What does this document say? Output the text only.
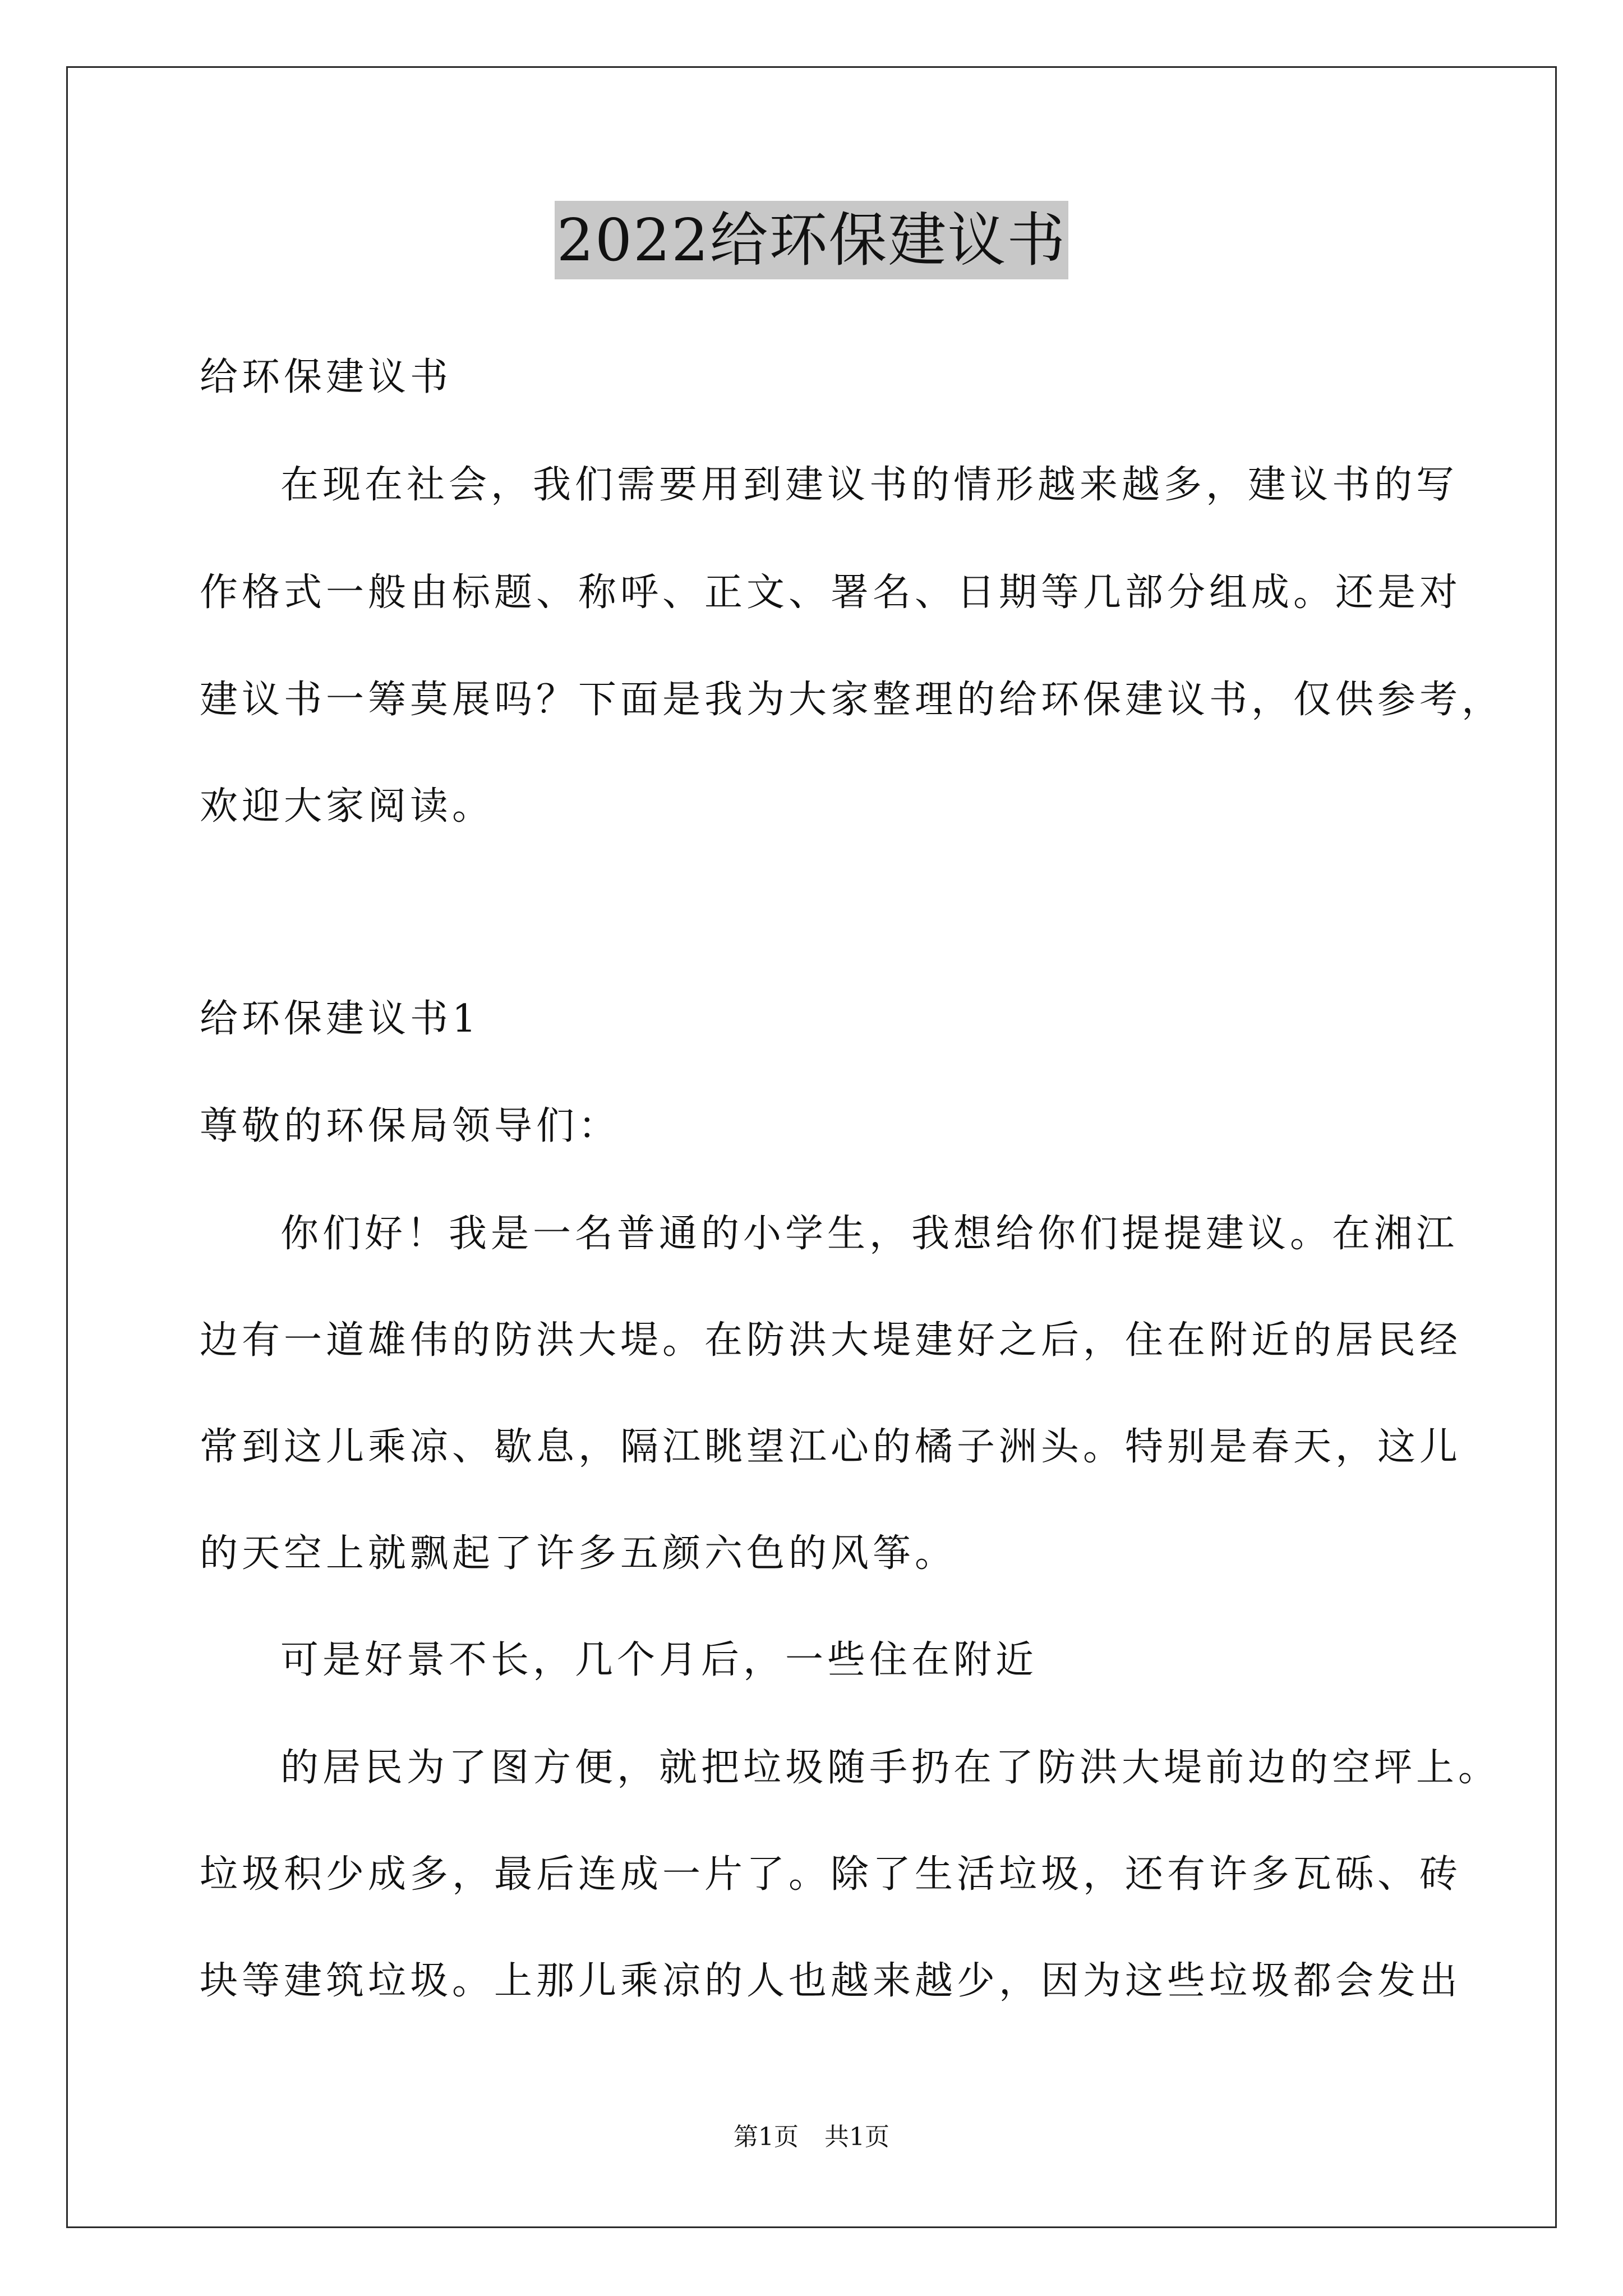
2022给环保建议书
给环保建议书
在现在社会，我们需要用到建议书的情形越来越多，建议书的写
作格式一般由标题、称呼、正文、署名、日期等几部分组成。还是对
建议书一筹莫展吗？下面是我为大家整理的给环保建议书，仅供参考，
欢迎大家阅读。
给环保建议书1
尊敬的环保局领导们：
你们好！我是一名普通的小学生，我想给你们提提建议。在湘江
边有一道雄伟的防洪大堤。在防洪大堤建好之后，住在附近的居民经
常到这儿乘凉、歇息，隔江眺望江心的橘子洲头。特别是春天，这儿
的天空上就飘起了许多五颜六色的风筝。
可是好景不长，几个月后，一些住在附近
的居民为了图方便，就把垃圾随手扔在了防洪大堤前边的空坪上。
垃圾积少成多，最后连成一片了。除了生活垃圾，还有许多瓦砾、砖
块等建筑垃圾。上那儿乘凉的人也越来越少，因为这些垃圾都会发出
第1页 共1页
